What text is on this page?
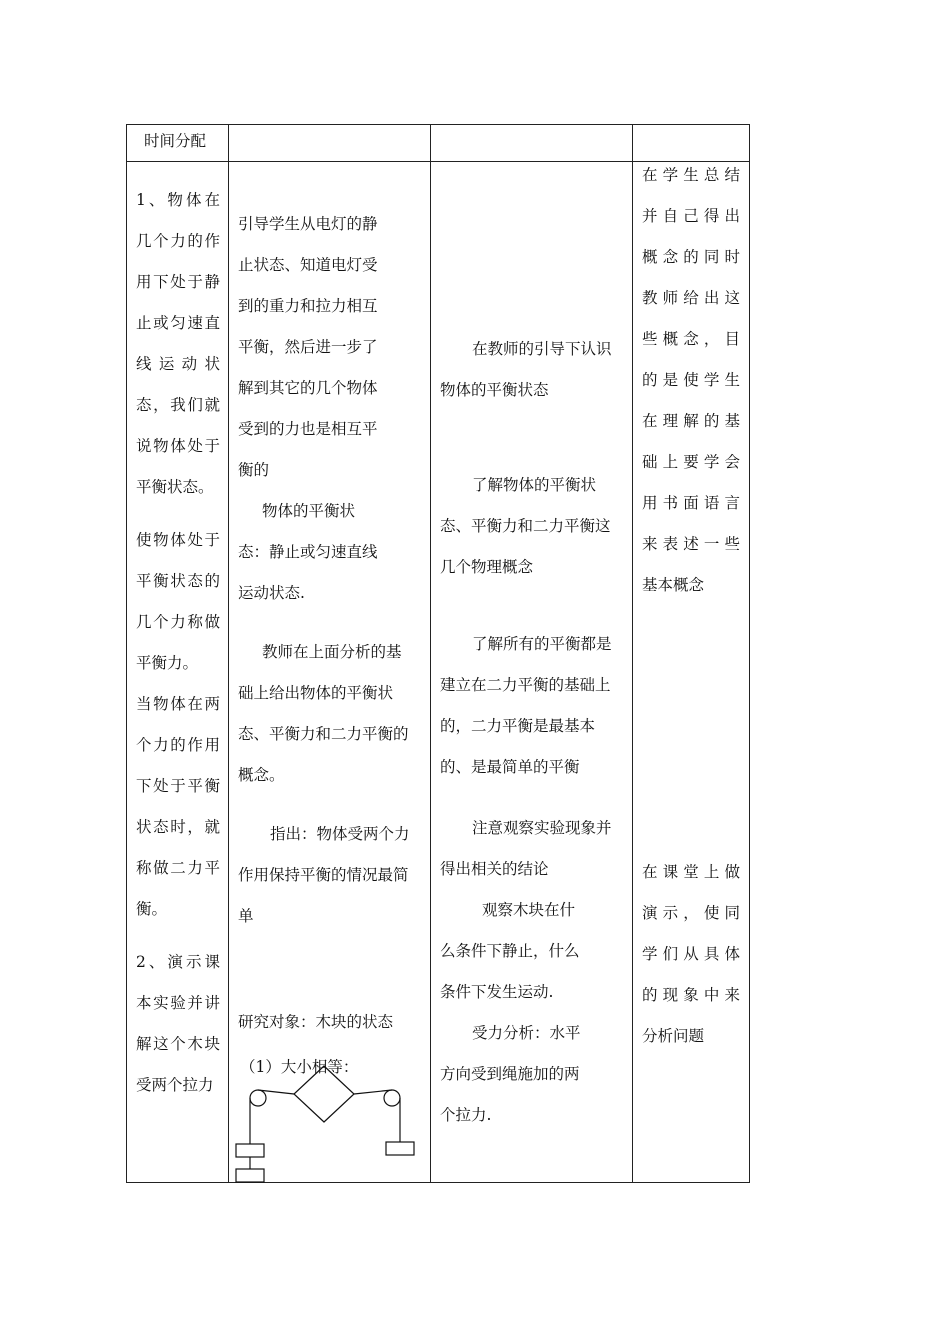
时间分配

1、物体在

几个力的作

用下处于静

止或匀速直

线运动状

态，我们就

说物体处于

平衡状态。

使物体处于

平衡状态的

几个力称做

平衡力。

当物体在两

个力的作用

下处于平衡

状态时，就

称做二力平

衡。

2、演示课

本实验并讲

解这个木块

受两个拉力

引导学生从电灯的静

止状态、知道电灯受

到的重力和拉力相互

平衡，然后进一步了

解到其它的几个物体

受到的力也是相互平

衡的

物体的平衡状

态：静止或匀速直线

运动状态.

教师在上面分析的基

础上给出物体的平衡状

态、平衡力和二力平衡的

概念。

指出：物体受两个力

作用保持平衡的情况最简

单

研究对象：木块的状态

（1）大小相等：

在教师的引导下认识

物体的平衡状态

了解物体的平衡状

态、平衡力和二力平衡这

几个物理概念

了解所有的平衡都是

建立在二力平衡的基础上

的，二力平衡是最基本

的、是最简单的平衡

注意观察实验现象并

得出相关的结论

观察木块在什

么条件下静止，什么

条件下发生运动.

受力分析：水平

方向受到绳施加的两

个拉力.

在学生总结

并自己得出

概念的同时

教师给出这

些概念，目

的是使学生

在理解的基

础上要学会

用书面语言

来表述一些

基本概念

在课堂上做

演示，使同

学们从具体

的现象中来

分析问题
